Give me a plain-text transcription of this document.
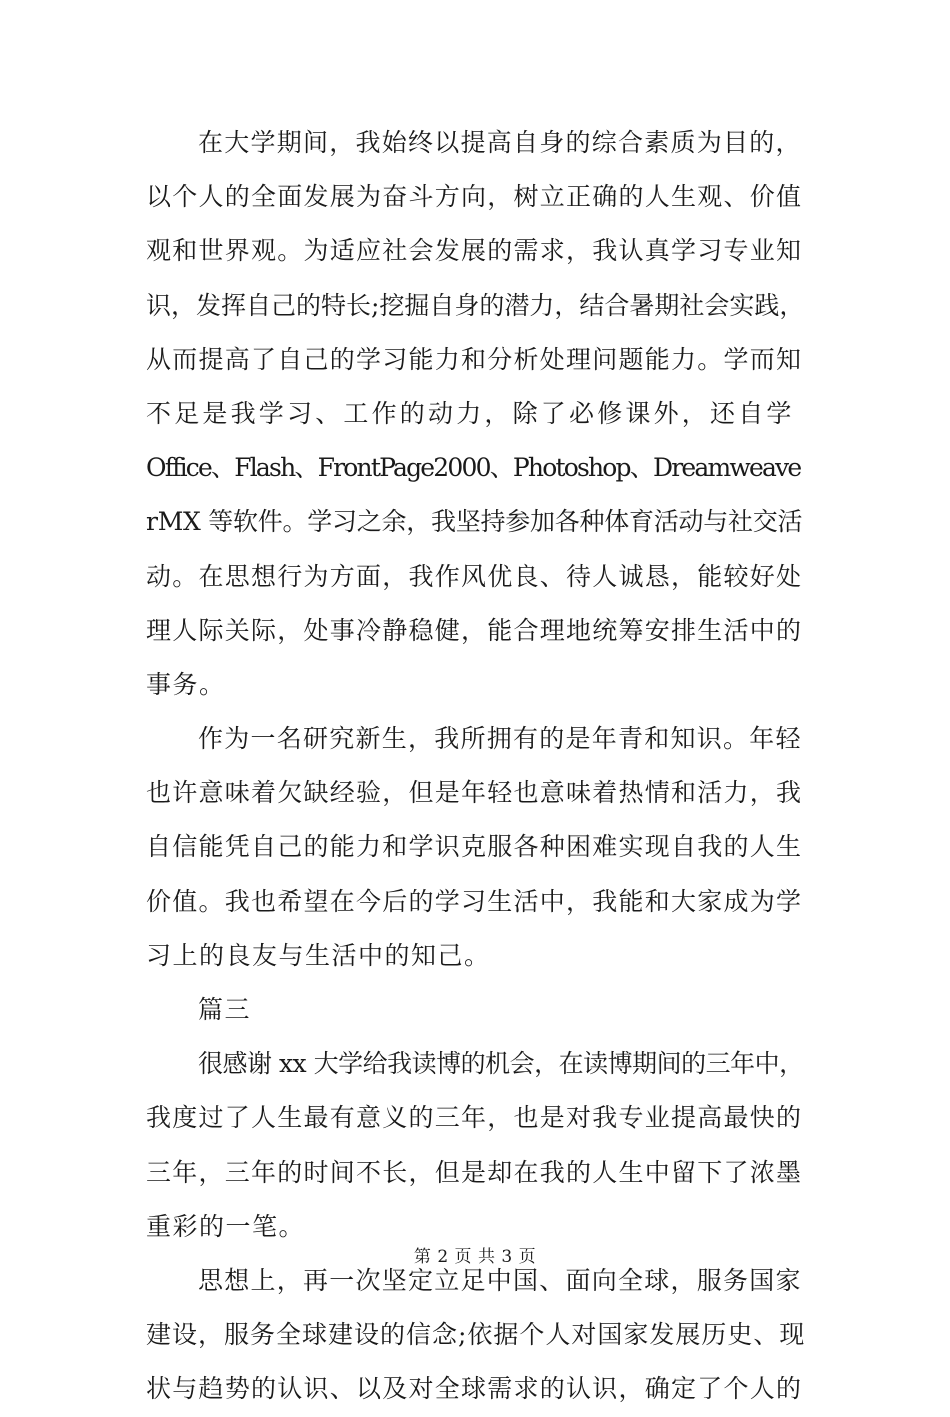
在大学期间，我始终以提高自身的综合素质为目的，
以个人的全面发展为奋斗方向，树立正确的人生观、价值
观和世界观。为适应社会发展的需求，我认真学习专业知
识，发挥自己的特长;挖掘自身的潜力，结合暑期社会实践，
从而提高了自己的学习能力和分析处理问题能力。学而知
不足是我学习、工作的动力，除了必修课外，还自学
Office、Flash、FrontPage2000、Photoshop、Dreamweave
rMX 等软件。学习之余，我坚持参加各种体育活动与社交活
动。在思想行为方面，我作风优良、待人诚恳，能较好处
理人际关际，处事冷静稳健，能合理地统筹安排生活中的
事务。
作为一名研究新生，我所拥有的是年青和知识。年轻
也许意味着欠缺经验，但是年轻也意味着热情和活力，我
自信能凭自己的能力和学识克服各种困难实现自我的人生
价值。我也希望在今后的学习生活中，我能和大家成为学
习上的良友与生活中的知己。
篇三
很感谢 xx 大学给我读博的机会，在读博期间的三年中，
我度过了人生最有意义的三年，也是对我专业提高最快的
三年，三年的时间不长，但是却在我的人生中留下了浓墨
重彩的一笔。
思想上，再一次坚定立足中国、面向全球，服务国家
建设，服务全球建设的信念;依据个人对国家发展历史、现
状与趋势的认识、以及对全球需求的认识，确定了个人的
第 2 页 共 3 页
